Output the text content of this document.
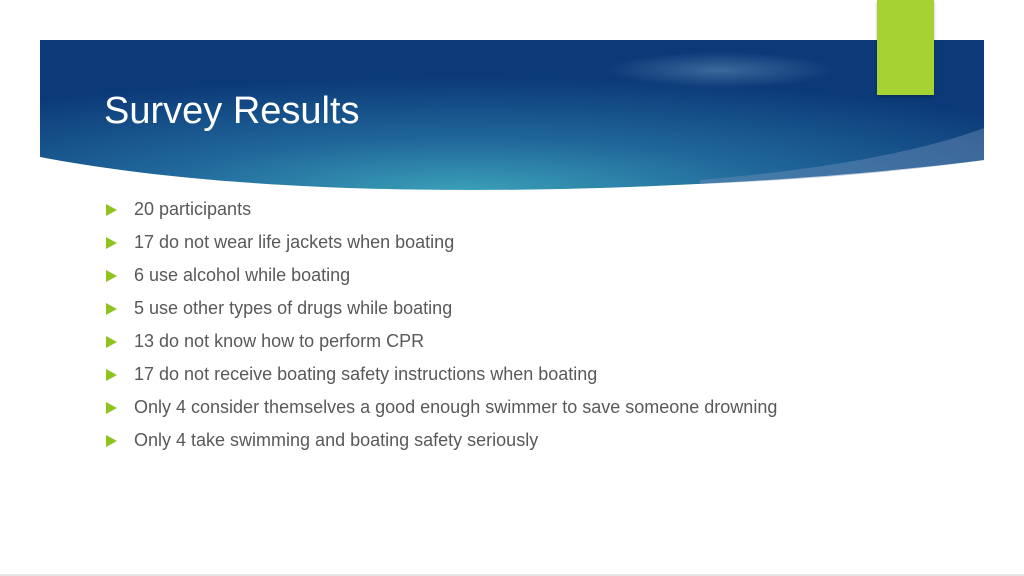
Survey Results
20 participants
17 do not wear life jackets when boating
6 use alcohol while boating
5 use other types of drugs while boating
13 do not know how to perform CPR
17 do not receive boating safety instructions when boating
Only 4 consider themselves a good enough swimmer to save someone drowning
Only 4 take swimming and boating safety seriously
